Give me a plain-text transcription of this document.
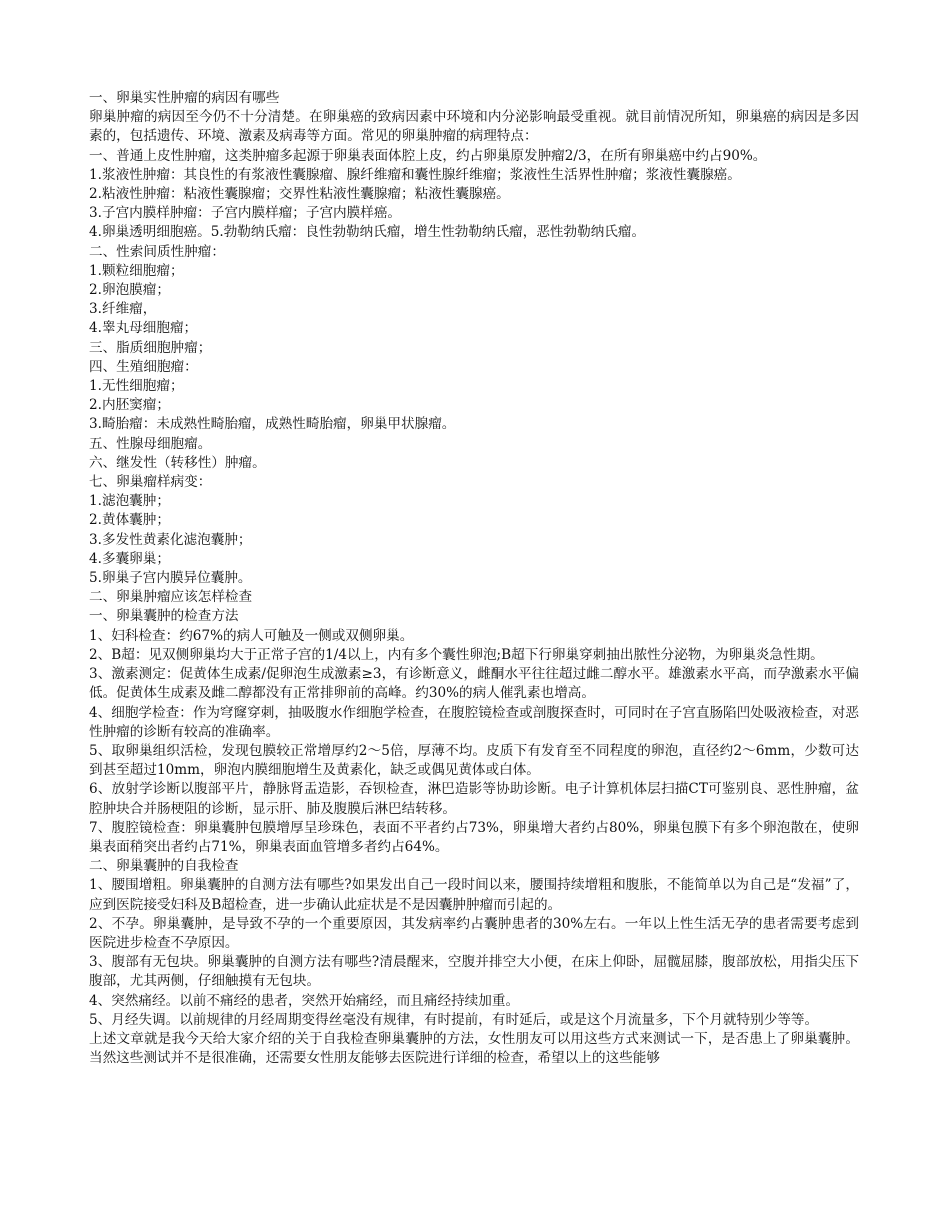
一、卵巢实性肿瘤的病因有哪些

卵巢肿瘤的病因至今仍不十分清楚。在卵巢癌的致病因素中环境和内分泌影响最受重视。就目前情况所知，卵巢癌的病因是多因素的，包括遗传、环境、激素及病毒等方面。常见的卵巢肿瘤的病理特点：

一、普通上皮性肿瘤，这类肿瘤多起源于卵巢表面体腔上皮，约占卵巢原发肿瘤2/3，在所有卵巢癌中约占90%。

1.浆液性肿瘤：其良性的有浆液性囊腺瘤、腺纤维瘤和囊性腺纤维瘤；浆液性生活界性肿瘤；浆液性囊腺癌。

2.粘液性肿瘤：粘液性囊腺瘤；交界性粘液性囊腺瘤；粘液性囊腺癌。

3.子宫内膜样肿瘤：子宫内膜样瘤；子宫内膜样癌。

4.卵巢透明细胞癌。5.勃勒纳氏瘤：良性勃勒纳氏瘤，增生性勃勒纳氏瘤，恶性勃勒纳氏瘤。

二、性索间质性肿瘤：

1.颗粒细胞瘤；

2.卵泡膜瘤；

3.纤维瘤，

4.睾丸母细胞瘤；

三、脂质细胞肿瘤；

四、生殖细胞瘤：

1.无性细胞瘤；

2.内胚窦瘤；

3.畸胎瘤：未成熟性畸胎瘤，成熟性畸胎瘤，卵巢甲状腺瘤。

五、性腺母细胞瘤。

六、继发性（转移性）肿瘤。

七、卵巢瘤样病变：

1.滤泡囊肿；

2.黄体囊肿；

3.多发性黄素化滤泡囊肿；

4.多囊卵巢；

5.卵巢子宫内膜异位囊肿。

二、卵巢肿瘤应该怎样检查

一、卵巢囊肿的检查方法

1、妇科检查：约67%的病人可触及一侧或双侧卵巢。

2、B超：见双侧卵巢均大于正常子宫的1/4以上，内有多个囊性卵泡;B超下行卵巢穿刺抽出脓性分泌物，为卵巢炎急性期。

3、激素测定：促黄体生成素/促卵泡生成激素≥3，有诊断意义，雌酮水平往往超过雌二醇水平。雄激素水平高，而孕激素水平偏低。促黄体生成素及雌二醇都没有正常排卵前的高峰。约30%的病人催乳素也增高。

4、细胞学检查：作为穹窿穿刺，抽吸腹水作细胞学检查，在腹腔镜检查或剖腹探查时，可同时在子宫直肠陷凹处吸液检查，对恶性肿瘤的诊断有较高的准确率。

5、取卵巢组织活检，发现包膜较正常增厚约2～5倍，厚薄不均。皮质下有发育至不同程度的卵泡，直径约2～6mm，少数可达到甚至超过10mm，卵泡内膜细胞增生及黄素化，缺乏或偶见黄体或白体。

6、放射学诊断以腹部平片，静脉肾盂造影，吞钡检查，淋巴造影等协助诊断。电子计算机体层扫描CT可鉴别良、恶性肿瘤，盆腔肿块合并肠梗阻的诊断，显示肝、肺及腹膜后淋巴结转移。

7、腹腔镜检查：卵巢囊肿包膜增厚呈珍珠色，表面不平者约占73%，卵巢增大者约占80%，卵巢包膜下有多个卵泡散在，使卵巢表面稍突出者约占71%，卵巢表面血管增多者约占64%。

二、卵巢囊肿的自我检查

1、腰围增粗。卵巢囊肿的自测方法有哪些?如果发出自己一段时间以来，腰围持续增粗和腹胀，不能简单以为自己是“发福”了，应到医院接受妇科及B超检查，进一步确认此症状是不是因囊肿肿瘤而引起的。

2、不孕。卵巢囊肿，是导致不孕的一个重要原因，其发病率约占囊肿患者的30%左右。一年以上性生活无孕的患者需要考虑到医院进步检查不孕原因。

3、腹部有无包块。卵巢囊肿的自测方法有哪些?清晨醒来，空腹并排空大小便，在床上仰卧，屈髋屈膝，腹部放松，用指尖压下腹部，尤其两侧，仔细触摸有无包块。

4、突然痛经。以前不痛经的患者，突然开始痛经，而且痛经持续加重。

5、月经失调。以前规律的月经周期变得丝毫没有规律，有时提前，有时延后，或是这个月流量多，下个月就特别少等等。

上述文章就是我今天给大家介绍的关于自我检查卵巢囊肿的方法，女性朋友可以用这些方式来测试一下，是否患上了卵巢囊肿。当然这些测试并不是很准确，还需要女性朋友能够去医院进行详细的检查，希望以上的这些能够
